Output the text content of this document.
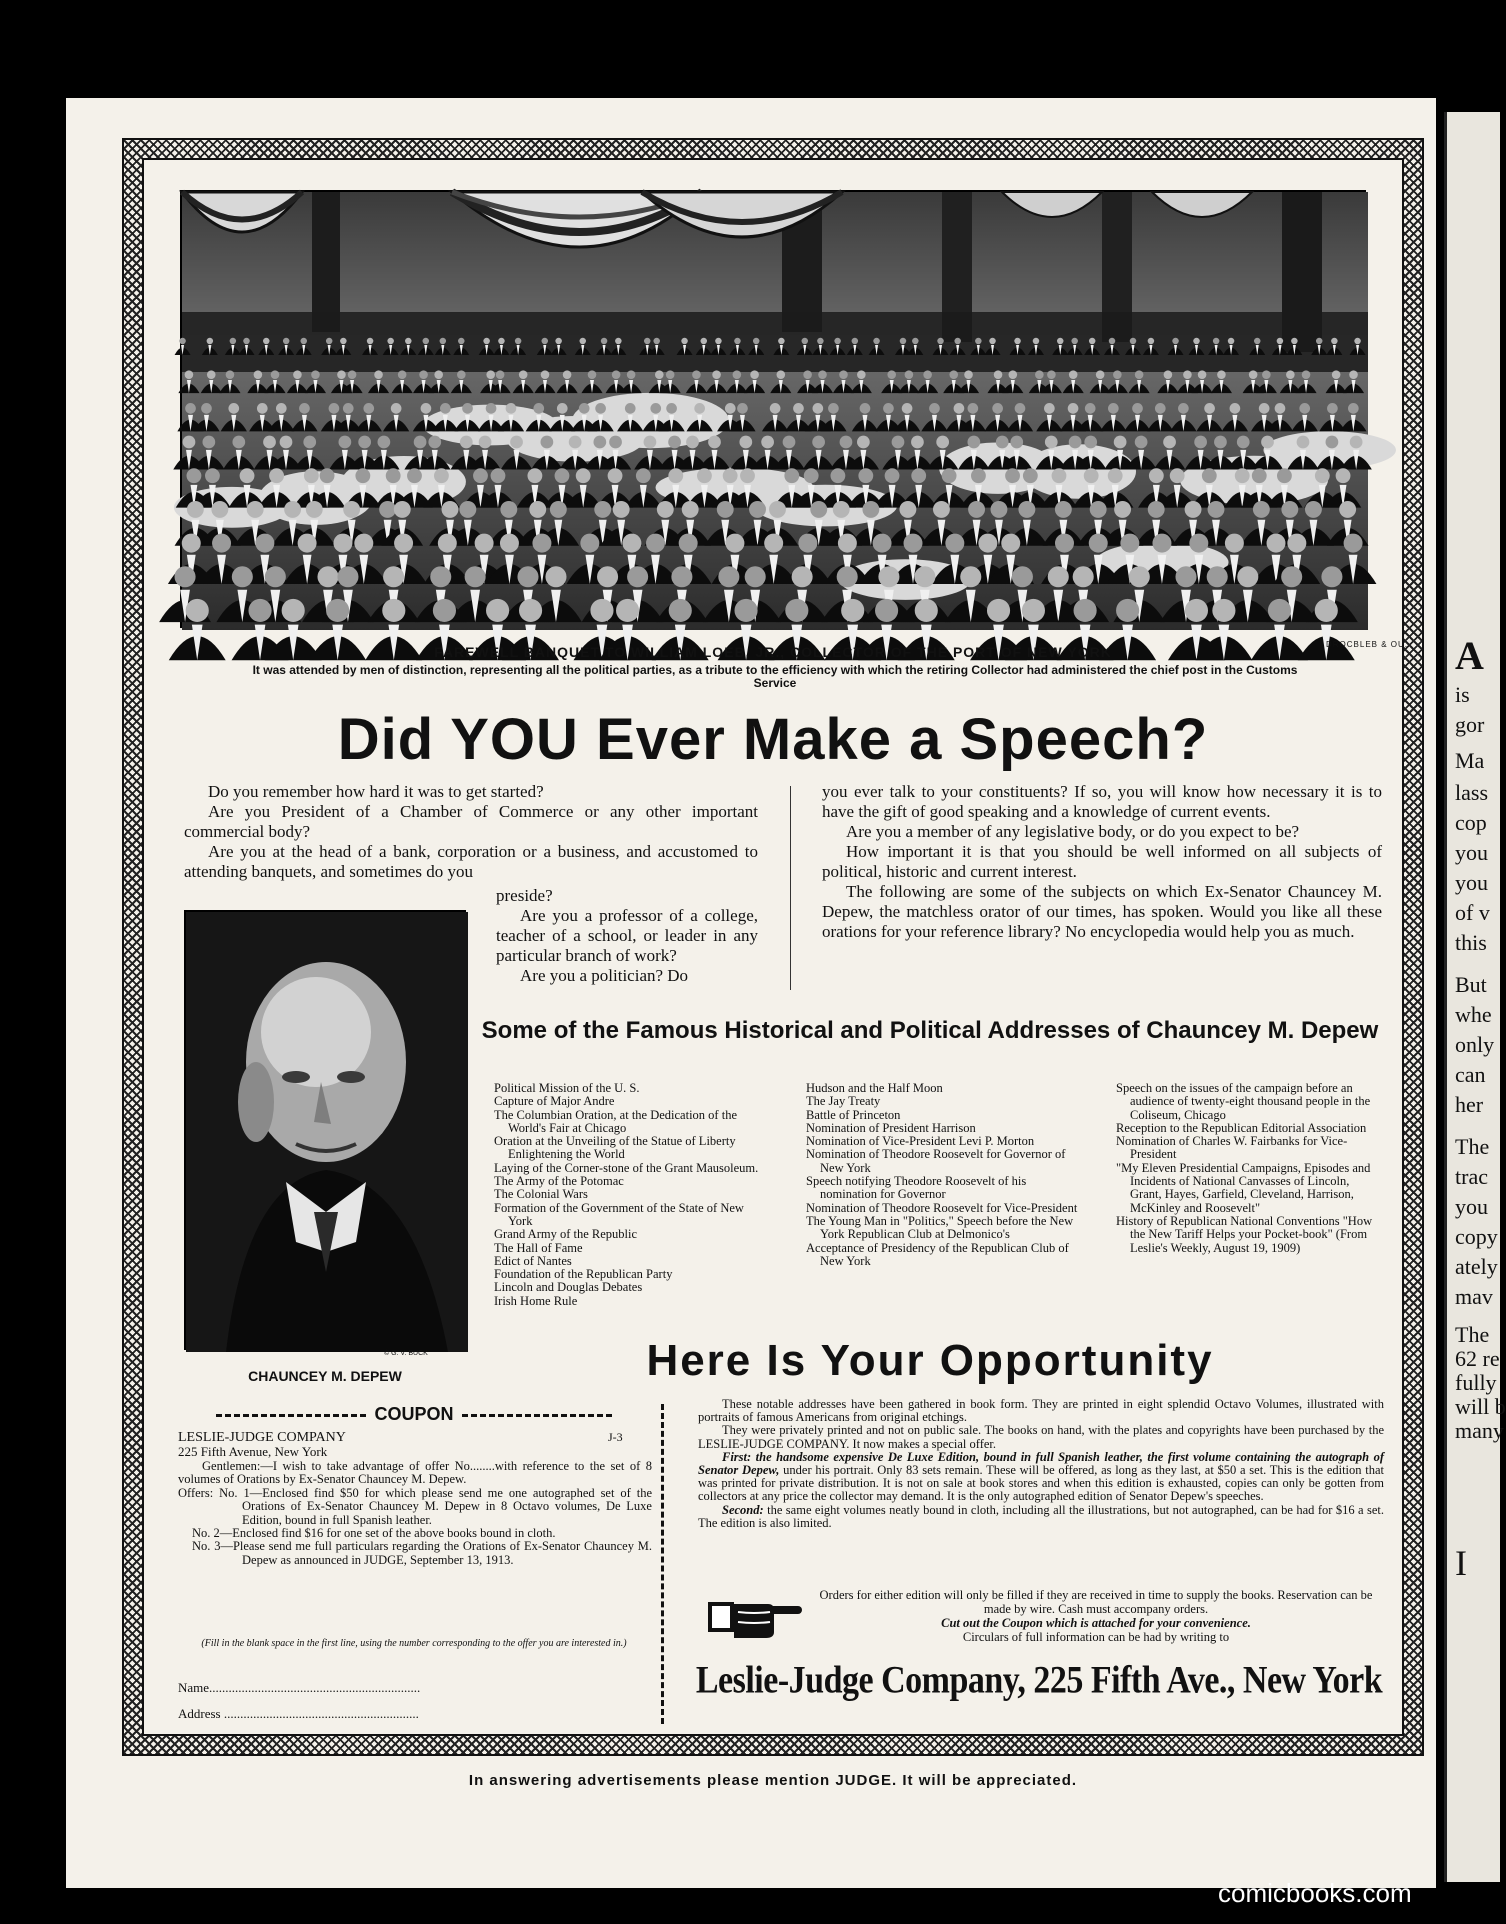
A
is
gor
Ma
lass
cop
you
you
of v
this
But
whe
only
can
her
The
trac
you
copy
ately
mav
The
62 re
fully
will b
many
I
DROCBLEB & OU.
FAREWELL BANQUET TO WILLIAM LOEB, JR., COLLECTOR OF THE PORT OF NEW YORK
It was attended by men of distinction, representing all the political parties, as a tribute to the efficiency with which the retiring Collector had administered the chief post in the Customs Service
Did YOU Ever Make a Speech?

Do you remember how hard it was to get started?

Are you President of a Chamber of Commerce or any other important commercial body?

Are you at the head of a bank, corporation or a business, and accustomed to attending banquets, and sometimes do you

preside?

Are you a professor of a college, teacher of a school, or leader in any particular branch of work?

Are you a politician? Do

you ever talk to your constituents? If so, you will know how necessary it is to have the gift of good speaking and a knowledge of current events.

Are you a member of any legislative body, or do you expect to be?

How important it is that you should be well informed on all subjects of political, historic and current interest.

The following are some of the subjects on which Ex-Senator Chauncey M. Depew, the matchless orator of our times, has spoken. Would you like all these orations for your reference library? No encyclopedia would help you as much.

© G. V. BUCK
CHAUNCEY M. DEPEW
Some of the Famous Historical and Political Addresses of Chauncey M. Depew
Political Mission of the U. S.
Capture of Major Andre
The Columbian Oration, at the Dedication of the World's Fair at Chicago
Oration at the Unveiling of the Statue of Liberty Enlightening the World
Laying of the Corner-stone of the Grant Mausoleum.
The Army of the Potomac
The Colonial Wars
Formation of the Government of the State of New York
Grand Army of the Republic
The Hall of Fame
Edict of Nantes
Foundation of the Republican Party
Lincoln and Douglas Debates
Irish Home Rule
Hudson and the Half Moon
The Jay Treaty
Battle of Princeton
Nomination of President Harrison
Nomination of Vice-President Levi P. Morton
Nomination of Theodore Roosevelt for Governor of New York
Speech notifying Theodore Roosevelt of his nomination for Governor
Nomination of Theodore Roosevelt for Vice-President
The Young Man in "Politics," Speech before the New York Republican Club at Delmonico's
Acceptance of Presidency of the Republican Club of New York
Speech on the issues of the campaign before an audience of twenty-eight thousand people in the Coliseum, Chicago
Reception to the Republican Editorial Association
Nomination of Charles W. Fairbanks for Vice-President
"My Eleven Presidential Campaigns, Episodes and Incidents of National Canvasses of Lincoln, Grant, Hayes, Garfield, Cleveland, Harrison, McKinley and Roosevelt"
History of Republican National Conventions "How the New Tariff Helps your Pocket-book" (From Leslie's Weekly, August 19, 1909)
Here Is Your Opportunity
COUPON
LESLIE-JUDGE COMPANY	J-3
225 Fifth Avenue, New York
Gentlemen:—I wish to take advantage of offer No........with reference to the set of 8 volumes of Orations by Ex-Senator Chauncey M. Depew.
Offers: No. 1—Enclosed find $50 for which please send me one autographed set of the Orations of Ex-Senator Chauncey M. Depew in 8 Octavo volumes, De Luxe Edition, bound in full Spanish leather.
No. 2—Enclosed find $16 for one set of the above books bound in cloth.
No. 3—Please send me full particulars regarding the Orations of Ex-Senator Chauncey M. Depew as announced in JUDGE, September 13, 1913.
(Fill in the blank space in the first line, using the number corresponding to the offer you are interested in.)
Name.................................................................
Address ............................................................

These notable addresses have been gathered in book form. They are printed in eight splendid Octavo Volumes, illustrated with portraits of famous Americans from original etchings.

They were privately printed and not on public sale. The books on hand, with the plates and copyrights have been purchased by the LESLIE-JUDGE COMPANY. It now makes a special offer.

First: the handsome expensive De Luxe Edition, bound in full Spanish leather, the first volume containing the autograph of Senator Depew, under his portrait. Only 83 sets remain. These will be offered, as long as they last, at $50 a set. This is the edition that was printed for private distribution. It is not on sale at book stores and when this edition is exhausted, copies can only be gotten from collectors at any price the collector may demand. It is the only autographed edition of Senator Depew's speeches.

Second: the same eight volumes neatly bound in cloth, including all the illustrations, but not autographed, can be had for $16 a set. The edition is also limited.

Orders for either edition will only be filled if they are received in time to supply the books. Reservation can be made by wire. Cash must accompany orders.
Cut out the Coupon which is attached for your convenience.
Circulars of full information can be had by writing to
Leslie-Judge Company, 225 Fifth Ave., New York
In answering advertisements please mention JUDGE. It will be appreciated.
comicbooks.com
